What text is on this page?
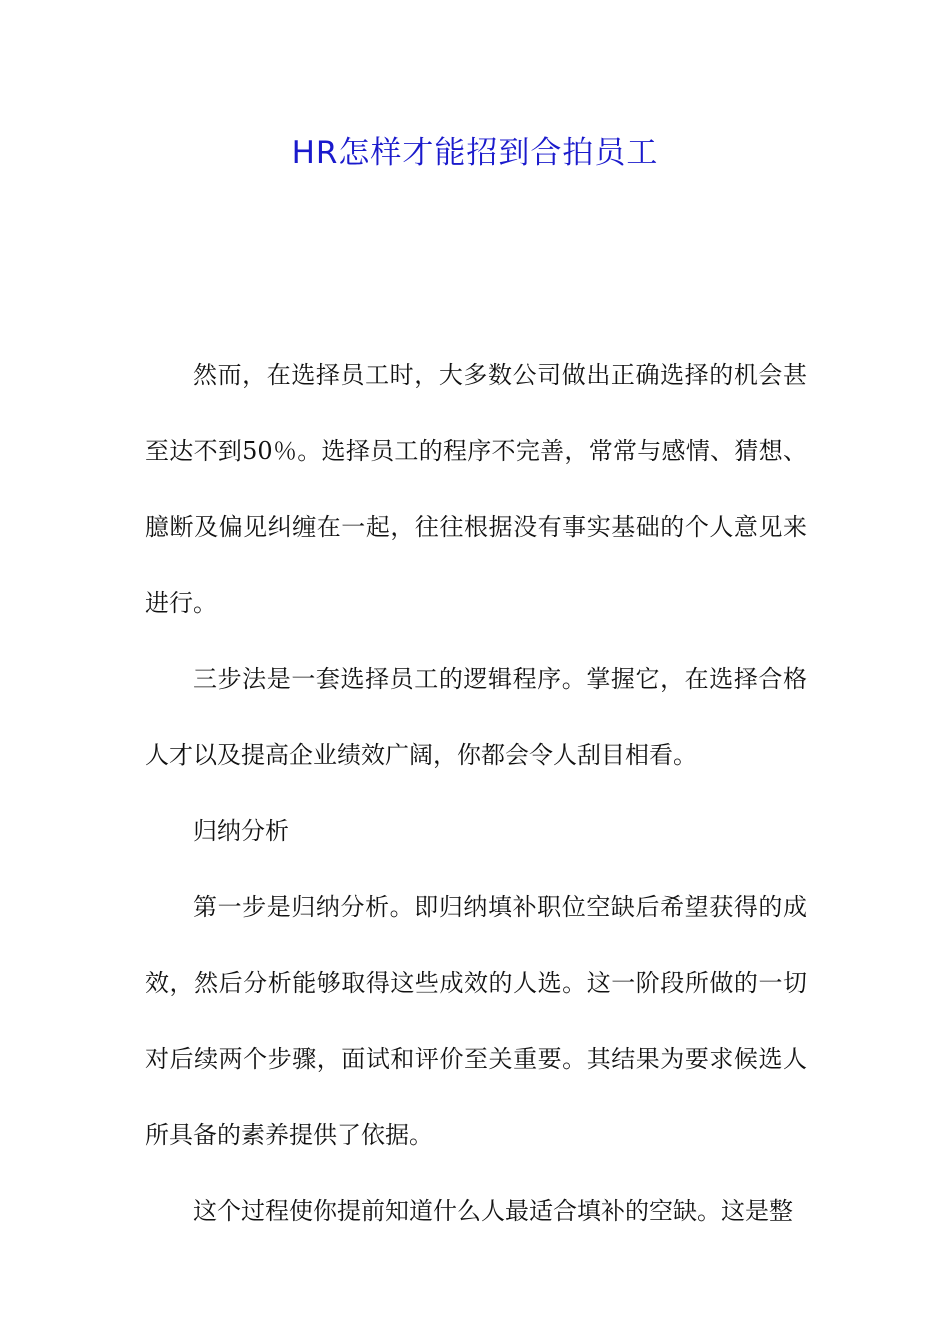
HR怎样才能招到合拍员工

然而，在选择员工时，大多数公司做出正确选择的机会甚至达不到50％。选择员工的程序不完善，常常与感情、猜想、臆断及偏见纠缠在一起，往往根据没有事实基础的个人意见来进行。

三步法是一套选择员工的逻辑程序。掌握它，在选择合格人才以及提高企业绩效广阔，你都会令人刮目相看。

归纳分析

第一步是归纳分析。即归纳填补职位空缺后希望获得的成效，然后分析能够取得这些成效的人选。这一阶段所做的一切对后续两个步骤，面试和评价至关重要。其结果为要求候选人所具备的素养提供了依据。

这个过程使你提前知道什么人最适合填补的空缺。这是整
